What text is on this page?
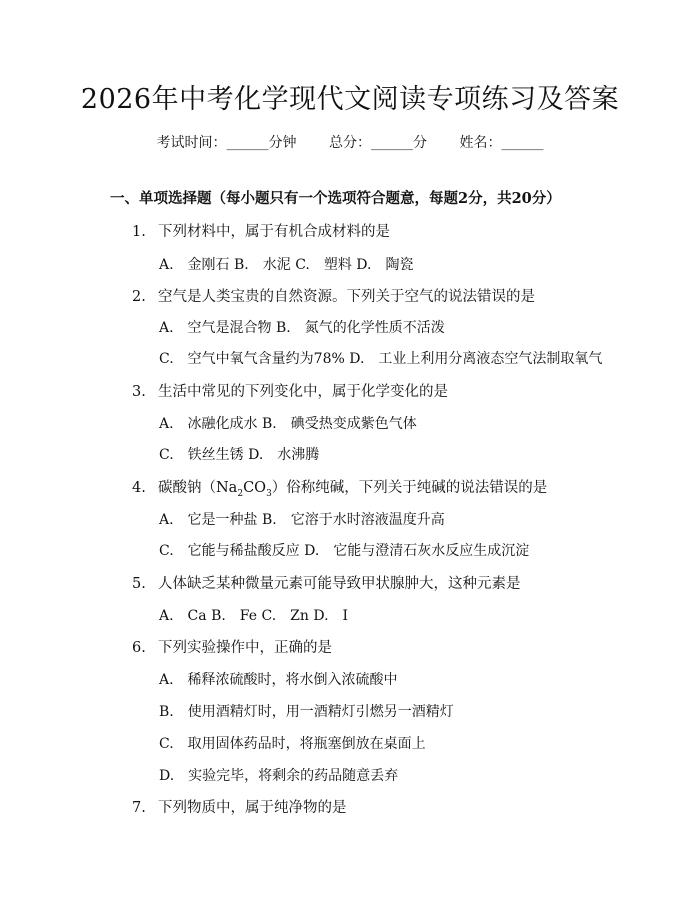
2026年中考化学现代文阅读专项练习及答案
考试时间：______分钟 总分：______分 姓名：______
一、单项选择题（每小题只有一个选项符合题意，每题2分，共20分）
1. 下列材料中，属于有机合成材料的是
A.　金刚石 B.　水泥 C.　塑料 D.　陶瓷
2. 空气是人类宝贵的自然资源。下列关于空气的说法错误的是
A.　空气是混合物 B.　氮气的化学性质不活泼
C.　空气中氧气含量约为78% D.　工业上利用分离液态空气法制取氧气
3. 生活中常见的下列变化中，属于化学变化的是
A.　冰融化成水 B.　碘受热变成紫色气体
C.　铁丝生锈 D.　水沸腾
4. 碳酸钠$(Na_2CO_3)$俗称纯碱，下列关于纯碱的说法错误的是
A.　它是一种盐 B.　它溶于水时溶液温度升高
C.　它能与稀盐酸反应 D.　它能与澄清石灰水反应生成沉淀
5. 人体缺乏某种微量元素可能导致甲状腺肿大，这种元素是
A.　Ca B.　Fe C.　Zn D.　I
6. 下列实验操作中，正确的是
A.　稀释浓硫酸时，将水倒入浓硫酸中
B.　使用酒精灯时，用一酒精灯引燃另一酒精灯
C.　取用固体药品时，将瓶塞倒放在桌面上
D.　实验完毕，将剩余的药品随意丢弃
7. 下列物质中，属于纯净物的是
